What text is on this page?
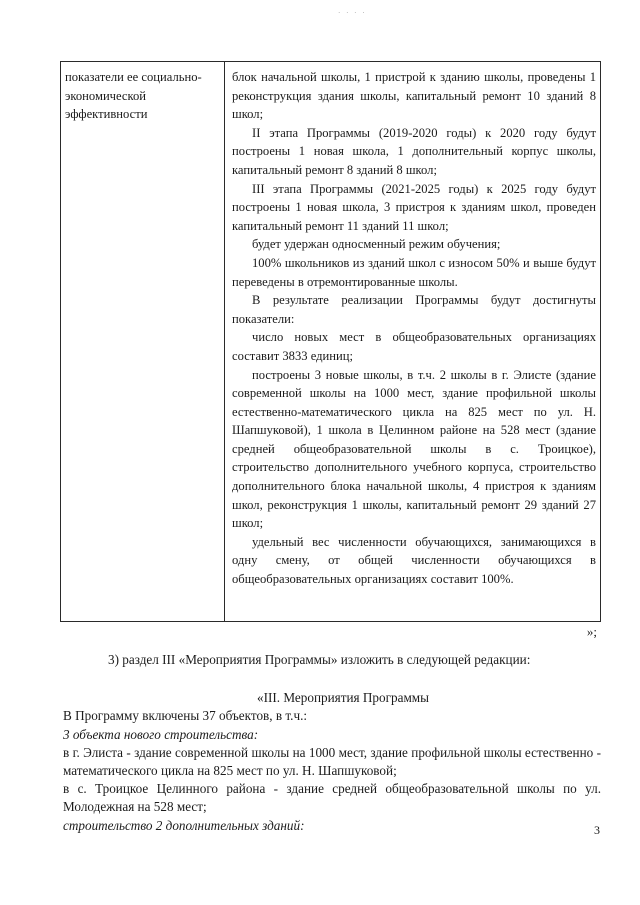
· · · ·
показатели ее социально-экономической эффективности

блок начальной школы, 1 пристрой к зданию школы, проведены 1 реконструкция здания школы, капитальный ремонт 10 зданий 8 школ;

II этапа Программы (2019-2020 годы) к 2020 году будут построены 1 новая школа, 1 дополнительный корпус школы, капитальный ремонт 8 зданий 8 школ;

III этапа Программы (2021-2025 годы) к 2025 году будут построены 1 новая школа, 3 пристроя к зданиям школ, проведен капитальный ремонт 11 зданий 11 школ;

будет удержан односменный режим обучения;

100% школьников из зданий школ с износом 50% и выше будут переведены в отремонтированные школы.

В результате реализации Программы будут достигнуты показатели:

число новых мест в общеобразовательных организациях составит 3833 единиц;

построены 3 новые школы, в т.ч. 2 школы в г. Элисте (здание современной школы на 1000 мест, здание профильной школы естественно-математического цикла на 825 мест по ул. Н. Шапшуковой), 1 школа в Целинном районе на 528 мест (здание средней общеобразовательной школы в с. Троицкое), строительство дополнительного учебного корпуса, строительство дополнительного блока начальной школы, 4 пристроя к зданиям школ, реконструкция 1 школы, капитальный ремонт 29 зданий 27 школ;

удельный вес численности обучающихся, занимающихся в одну смену, от общей численности обучающихся в общеобразовательных организациях составит 100%.

»;

3) раздел III «Мероприятия Программы» изложить в следующей редакции:

«III. Мероприятия Программы

В Программу включены 37 объектов, в т.ч.:

3 объекта нового строительства:

в г. Элиста - здание современной школы на 1000 мест, здание профильной школы естественно - математического цикла на 825 мест по ул. Н. Шапшуковой;

в с. Троицкое Целинного района - здание средней общеобразовательной школы по ул. Молодежная на 528 мест;

строительство 2 дополнительных зданий:	3
